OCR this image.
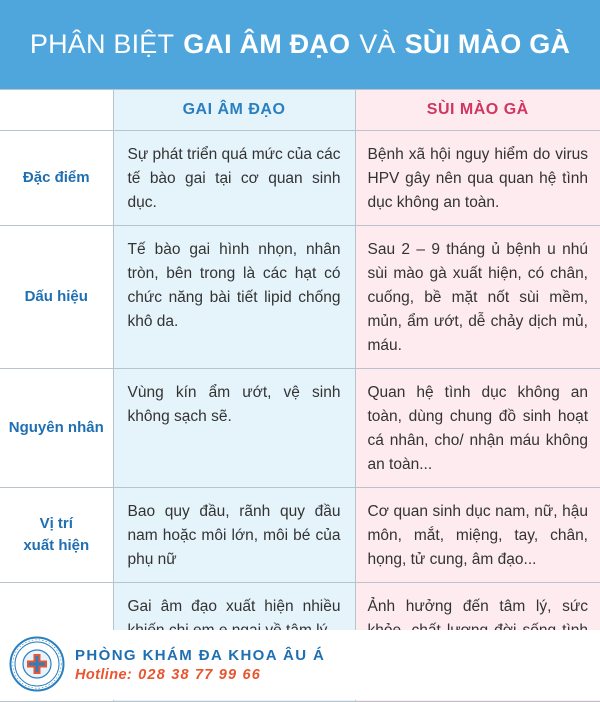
PHÂN BIỆT GAI ÂM ĐẠO VÀ SÙI MÀO GÀ
	GAI ÂM ĐẠO	SÙI MÀO GÀ
Đặc điểm	Sự phát triển quá mức của các tế bào gai tại cơ quan sinh dục.	Bệnh xã hội nguy hiểm do virus HPV gây nên qua quan hệ tình dục không an toàn.

Dấu hiệu	Tế bào gai hình nhọn, nhân tròn, bên trong là các hạt có chức năng bài tiết lipid chống khô da.	Sau 2 – 9 tháng ủ bệnh u nhú sùi mào gà xuất hiện, có chân, cuống, bề mặt nốt sùi mềm, mủn, ẩm ướt, dễ chảy dịch mủ, máu.

Nguyên nhân	Vùng kín ẩm ướt, vệ sinh không sạch sẽ.	Quan hệ tình dục không an toàn, dùng chung đồ sinh hoạt cá nhân, cho/ nhận máu không an toàn...

Vị trí
xuất hiện	Bao quy đầu, rãnh quy đầu nam hoặc môi lớn, môi bé của phụ nữ	Cơ quan sinh dục nam, nữ, hậu môn, mắt, miệng, tay, chân, họng, tử cung, âm đạo...

Gai âm đạo xuất hiện nhiều	Ảnh hưởng đến tâm lý, sức
PHÒNG KHÁM ĐA KHOA ÂU Á
Hotline: 028 38 77 99 66
